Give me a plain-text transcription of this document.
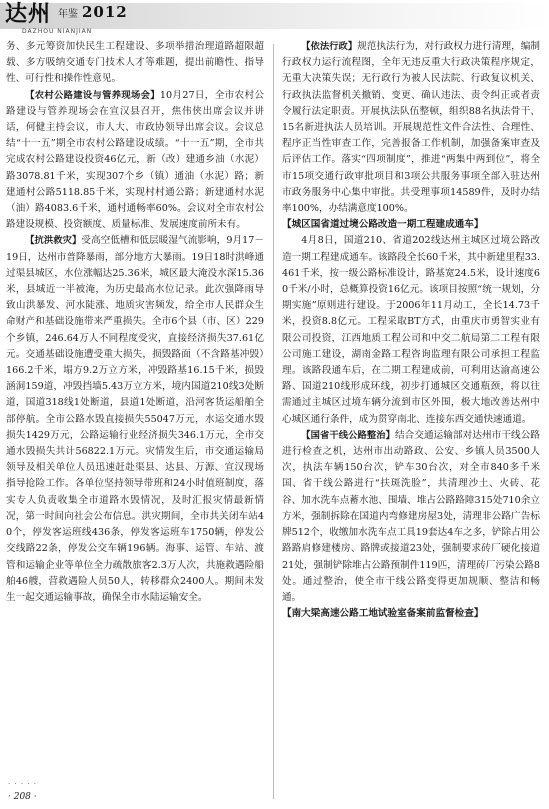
达州 年鉴 2012
DAZHOU NIANJIAN

务、多元筹资加快民生工程建设、多项举措治理道路超限超载、多方吸纳交通专门技术人才等难题，提出前瞻性、指导性、可行性和操作性意见。

【农村公路建设与管养现场会】10月27日，全市农村公路建设与管养现场会在宣汉县召开，焦伟侠出席会议并讲话，何健主持会议，市人大、市政协领导出席会议。会议总结“十一五”期全市农村公路建设成绩。“十一五”期，全市共完成农村公路建设投资46亿元，新（改）建通乡油（水泥）路3078.81千米，实现307个乡（镇）通油（水泥）路；新建通村公路5118.85千米，实现村村通公路；新建通村水泥（油）路4083.6千米，通村通畅率60%。会议对全市农村公路建设规模、投资额度、质量标准、发展速度前所未有。

【抗洪救灾】受高空低槽和低层暖湿气流影响，9月17－19日，达州市普降暴雨，部分地方大暴雨。19日18时洪峰通过渠县城区，水位涨幅达25.36米，城区最大淹没水深15.36米，县城近一半被淹，为历史最高水位记录。此次强降雨导致山洪暴发、河水陡涨、地质灾害频发，给全市人民群众生命财产和基础设施带来严重损失。全市6个县（市、区）229个乡镇，246.64万人不同程度受灾，直接经济损失37.61亿元。交通基础设施遭受重大损失，损毁路面（不含路基冲毁）166.2千米，塌方9.2万立方米，冲毁路基16.15千米，损毁涵洞159道，冲毁挡墙5.43万立方米，境内国道210线3处断道，国道318线1处断道，县道1处断道，沿河客货运船舶全部停航。全市公路水毁直接损失55047万元，水运交通水毁损失1429万元，公路运输行业经济损失346.1万元，全市交通水毁损失共计56822.1万元。灾情发生后，市交通运输局领导及相关单位人员迅速赶赴渠县、达县、万源、宣汉现场指导抢险工作。各单位坚持领导带班和24小时值班制度，落实专人负责收集全市道路水毁情况，及时汇报灾情最新情况，第一时间向社会公布信息。洪灾期间，全市共关闭车站40个，停发客运班线436条，停发客运班车1750辆，停发公交线路22条，停发公交车辆196辆。海事、运管、车站、渡管和运输企业等单位全力疏散旅客2.3万人次，共施救遇险船舶46艘，营救遇险人员50人，转移群众2400人。期间未发生一起交通运输事故，确保全市水陆运输安全。

【依法行政】规范执法行为，对行政权力进行清理，编制行政权力运行流程图，全年无违反重大行政决策程序规定，无重大决策失误；无行政行为被人民法院、行政复议机关、行政执法监督机关撤销、变更、确认违法、责令纠正或者责令履行法定职责。开展执法队伍整顿，组织88名执法骨干、15名新进执法人员培训。开展规范性文件合法性、合理性、程序正当性审查工作，完善报备工作机制，加强备案审查及后评估工作。落实“四项制度”，推进“两集中两到位”，将全市15项交通行政审批项目和3项公共服务事项全部入驻达州市政务服务中心集中审批。共受理事项14589件，及时办结率100%，办结满意度100%。

【城区国省道过境公路改造一期工程建成通车】

4月8日，国道210、省道202线达州主城区过境公路改造一期工程建成通车。该路段全长60千米，其中新建里程33.461千米，按一级公路标准设计，路基宽24.5米，设计速度60千米/小时，总概算投资16亿元。该项目按照“统一规划，分期实施”原则进行建设。于2006年11月动工，全长14.73千米，投资8.8亿元。工程采取BT方式，由重庆市勇智实业有限公司投资，江西地质工程公司和中交二航局第二工程有限公司施工建设，湖南金路工程咨询监理有限公司承担工程监理。该路段通车后，在二期工程建成前，可利用达渝高速公路、国道210线形成环线，初步打通城区交通瓶颈，将以往需通过主城区过境车辆分流到市区外围，极大地改善达州中心城区通行条件，成为贯穿南北、连接东西交通快速通道。

【国省干线公路整治】结合交通运输部对达州市干线公路进行检查之机，达州市出动路政、公安、乡镇人员3500人次，执法车辆150台次，铲车30台次，对全市840多千米国、省干线公路进行“扶斑洗脸”，共清理沙土、火砖、花谷、加水洗车点蓄水池、围墙、堆占公路路障315处710余立方米，强制拆除在国道内弯修建房屋3处，清理非公路广告标牌512个，收缴加水洗车点工具19套达4车之多，铲除占用公路路肩修建楼房、路牌或接道23处，强制要求砖厂硬化接道21处，强制铲除堆占公路预制件119匹，清理砖厂污染公路8处。通过整治，使全市干线公路变得更加规顺、整洁和畅通。

【南大梁高速公路工地试验室备案前监督检查】

· · · · ·
· 208 ·
